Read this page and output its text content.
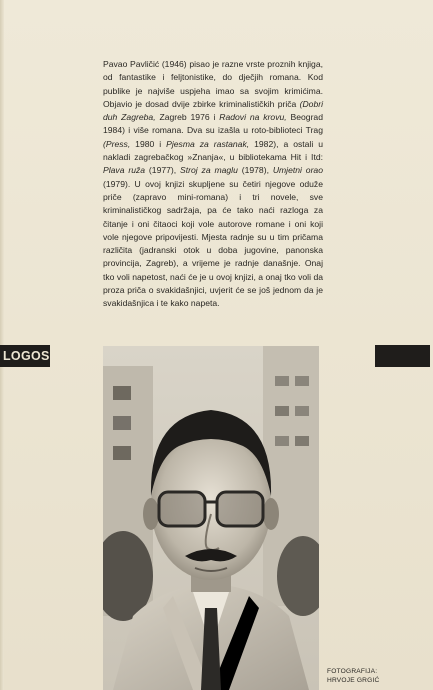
Pavao Pavličić (1946) pisao je razne vrste proznih knjiga, od fantastike i feljtonistike, do dječjih romana. Kod publike je najviše uspjeha imao sa svojim krimićima. Objavio je dosad dvije zbirke kriminalističkih priča (Dobri duh Zagreba, Zagreb 1976 i Radovi na krovu, Beograd 1984) i više romana. Dva su izašla u roto-biblioteci Trag (Press, 1980 i Pjesma za rastanak, 1982), a ostali u nakladi zagrebačkog »Znanja«, u bibliotekama Hit i Itd: Plava ruža (1977), Stroj za maglu (1978), Umjetni orao (1979). U ovoj knjizi skupljene su četiri njegove oduže priče (zapravo mini-romana) i tri novele, sve kriminalističkog sadržaja, pa će tako naći razloga za čitanje i oni čitaoci koji vole autorove romane i oni koji vole njegove pripovijesti. Mjesta radnje su u tim pričama različita (jadranski otok u doba jugovine, panonska provincija, Zagreb), a vrijeme je radnje današnje. Onaj tko voli napetost, naći će je u ovoj knjizi, a onaj tko voli da proza priča o svakidašnjici, uvjerit će se još jednom da je svakidašnjica i te kako napeta.

LOGOS
FOTOGRAFIJA:
HRVOJE GRGIĆ
